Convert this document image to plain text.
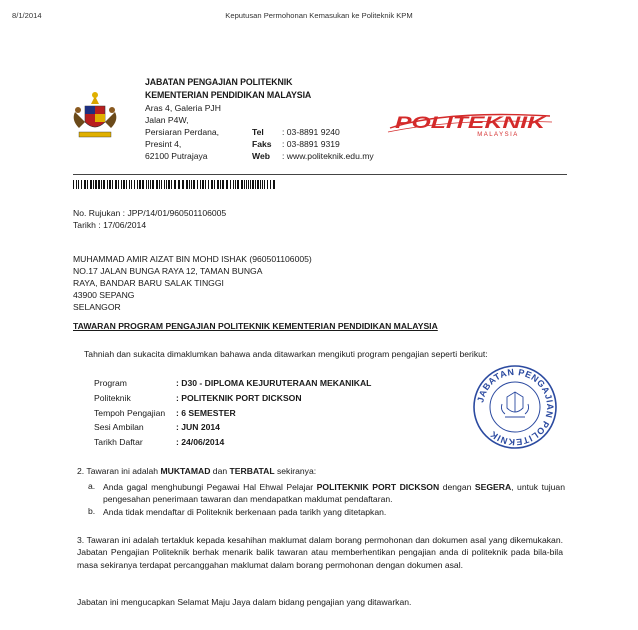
8/1/2014	Keputusan Permohonan Kemasukan ke Politeknik KPM
JABATAN PENGAJIAN POLITEKNIK
KEMENTERIAN PENDIDIKAN MALAYSIA
Aras 4, Galeria PJH
Jalan P4W,
Persiaran Perdana,
Presint 4,
62100 Putrajaya
Tel : 03-8891 9240
Faks : 03-8891 9319
Web : www.politeknik.edu.my
POLITEKNIK
MALAYSIA
No. Rujukan : JPP/14/01/960501106005
Tarikh : 17/06/2014
MUHAMMAD AMIR AIZAT BIN MOHD ISHAK (960501106005)
NO.17 JALAN BUNGA RAYA 12, TAMAN BUNGA
RAYA, BANDAR BARU SALAK TINGGI
43900 SEPANG
SELANGOR
TAWARAN PROGRAM PENGAJIAN POLITEKNIK KEMENTERIAN PENDIDIKAN MALAYSIA
Tahniah dan sukacita dimaklumkan bahawa anda ditawarkan mengikuti program pengajian seperti berikut:
Program	: D30 - DIPLOMA KEJURUTERAAN MEKANIKAL
Politeknik	: POLITEKNIK PORT DICKSON
Tempoh Pengajian : 6 SEMESTER
Sesi Ambilan	: JUN 2014
Tarikh Daftar	: 24/06/2014
JABATAN PENGAJIAN POLITEKNIK
2. Tawaran ini adalah MUKTAMAD dan TERBATAL sekiranya:
a. Anda gagal menghubungi Pegawai Hal Ehwal Pelajar POLITEKNIK PORT DICKSON dengan SEGERA, untuk tujuan pengesahan penerimaan tawaran dan mendapatkan maklumat pendaftaran.
b. Anda tidak mendaftar di Politeknik berkenaan pada tarikh yang ditetapkan.
3. Tawaran ini adalah tertakluk kepada kesahihan maklumat dalam borang permohonan dan dokumen asal yang dikemukakan. Jabatan Pengajian Politeknik berhak menarik balik tawaran atau memberhentikan pengajian anda di politeknik pada bila-bila masa sekiranya terdapat percanggahan maklumat dalam borang permohonan dengan dokumen asal.
Jabatan ini mengucapkan Selamat Maju Jaya dalam bidang pengajian yang ditawarkan.
